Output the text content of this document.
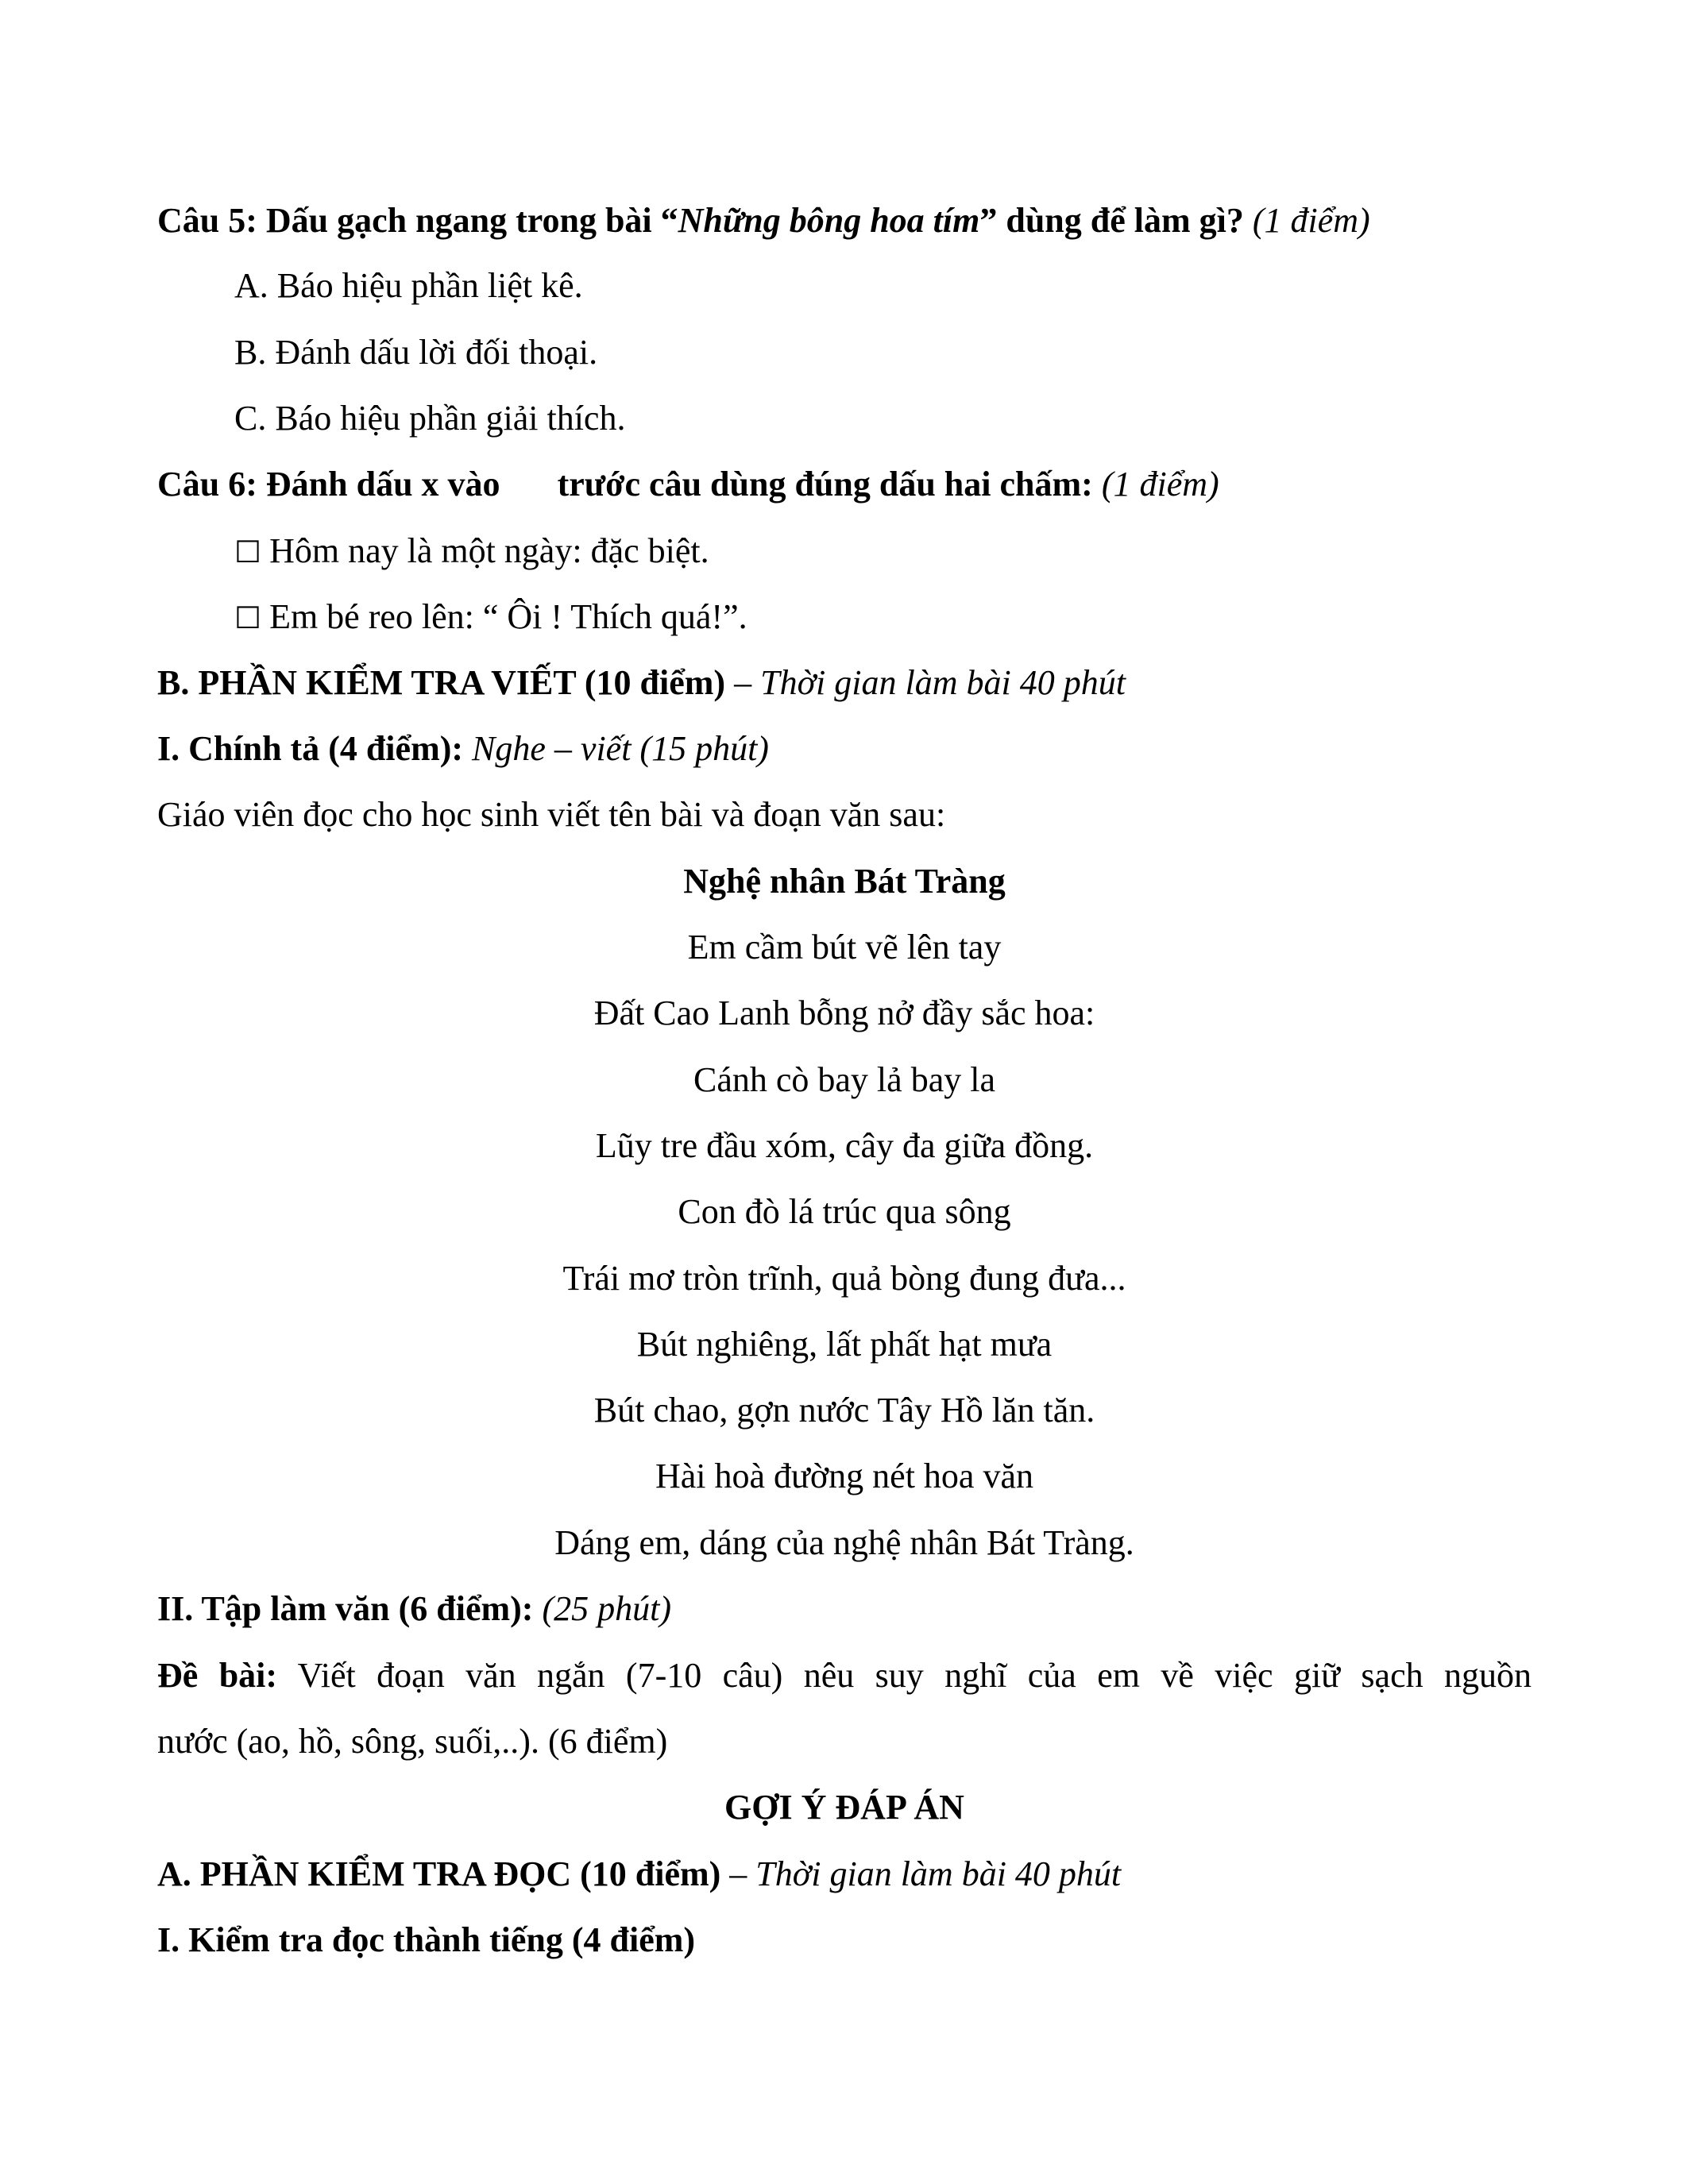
Câu 5: Dấu gạch ngang trong bài “Những bông hoa tím” dùng để làm gì? (1 điểm)
A. Báo hiệu phần liệt kê.
B. Đánh dấu lời đối thoại.
C. Báo hiệu phần giải thích.
Câu 6: Đánh dấu x vào trước câu dùng đúng dấu hai chấm: (1 điểm)
☐ Hôm nay là một ngày: đặc biệt.
☐ Em bé reo lên: “ Ôi ! Thích quá!”.
B. PHẦN KIỂM TRA VIẾT (10 điểm) – Thời gian làm bài 40 phút
I. Chính tả (4 điểm): Nghe – viết (15 phút)
Giáo viên đọc cho học sinh viết tên bài và đoạn văn sau:
Nghệ nhân Bát Tràng
Em cầm bút vẽ lên tay
Đất Cao Lanh bỗng nở đầy sắc hoa:
Cánh cò bay lả bay la
Lũy tre đầu xóm, cây đa giữa đồng.
Con đò lá trúc qua sông
Trái mơ tròn trĩnh, quả bòng đung đưa...
Bút nghiêng, lất phất hạt mưa
Bút chao, gợn nước Tây Hồ lăn tăn.
Hài hoà đường nét hoa văn
Dáng em, dáng của nghệ nhân Bát Tràng.
II. Tập làm văn (6 điểm): (25 phút)
Đề bài: Viết đoạn văn ngắn (7-10 câu) nêu suy nghĩ của em về việc giữ sạch nguồn
nước (ao, hồ, sông, suối,..). (6 điểm)
GỢI Ý ĐÁP ÁN
A. PHẦN KIỂM TRA ĐỌC (10 điểm) – Thời gian làm bài 40 phút
I. Kiểm tra đọc thành tiếng (4 điểm)
